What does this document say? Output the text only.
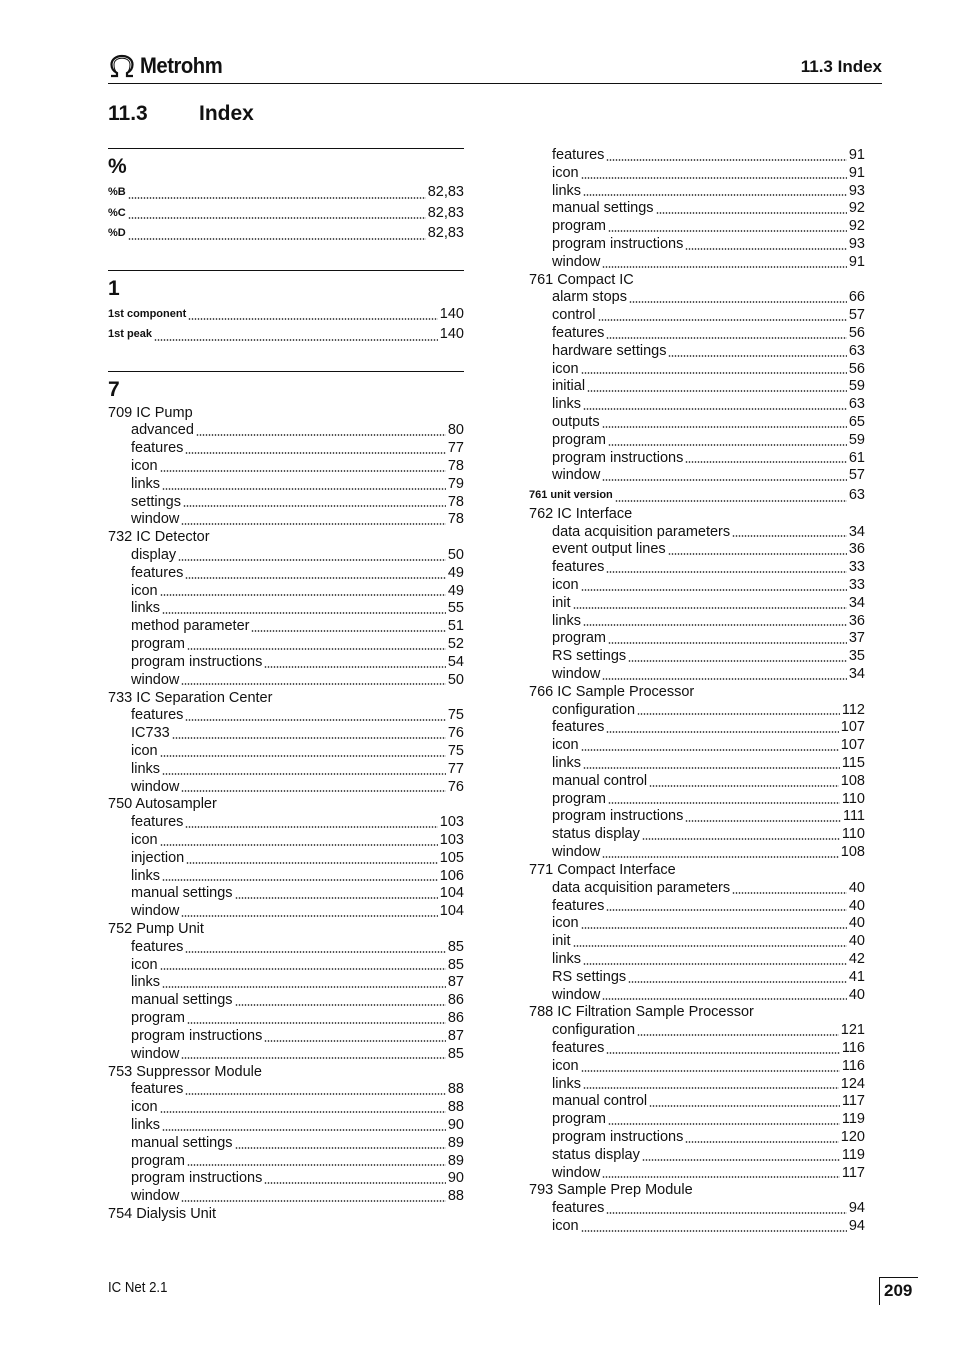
Metrohm	11.3 Index
11.3 Index
%
%B	82,83
%C	82,83
%D	82,83
1
1st component	140
1st peak	140
7
709 IC Pump
advanced	80
features	77
icon	78
links	79
settings	78
window	78
732 IC Detector
display	50
features	49
icon	49
links	55
method parameter	51
program	52
program instructions	54
window	50
733 IC Separation Center
features	75
IC733	76
icon	75
links	77
window	76
750 Autosampler
features	103
icon	103
injection	105
links	106
manual settings	104
window	104
752 Pump Unit
features	85
icon	85
links	87
manual settings	86
program	86
program instructions	87
window	85
753 Suppressor Module
features	88
icon	88
links	90
manual settings	89
program	89
program instructions	90
window	88
754 Dialysis Unit
features	91
icon	91
links	93
manual settings	92
program	92
program instructions	93
window	91
761 Compact IC
alarm stops	66
control	57
features	56
hardware settings	63
icon	56
initial	59
links	63
outputs	65
program	59
program instructions	61
window	57
761 unit version	63
762 IC Interface
data acquisition parameters	34
event output lines	36
features	33
icon	33
init	34
links	36
program	37
RS settings	35
window	34
766 IC Sample Processor
configuration	112
features	107
icon	107
links	115
manual control	108
program	110
program instructions	111
status display	110
window	108
771 Compact Interface
data acquisition parameters	40
features	40
icon	40
init	40
links	42
RS settings	41
window	40
788 IC Filtration Sample Processor
configuration	121
features	116
icon	116
links	124
manual control	117
program	119
program instructions	120
status display	119
window	117
793 Sample Prep Module
features	94
icon	94
IC Net 2.1	209
